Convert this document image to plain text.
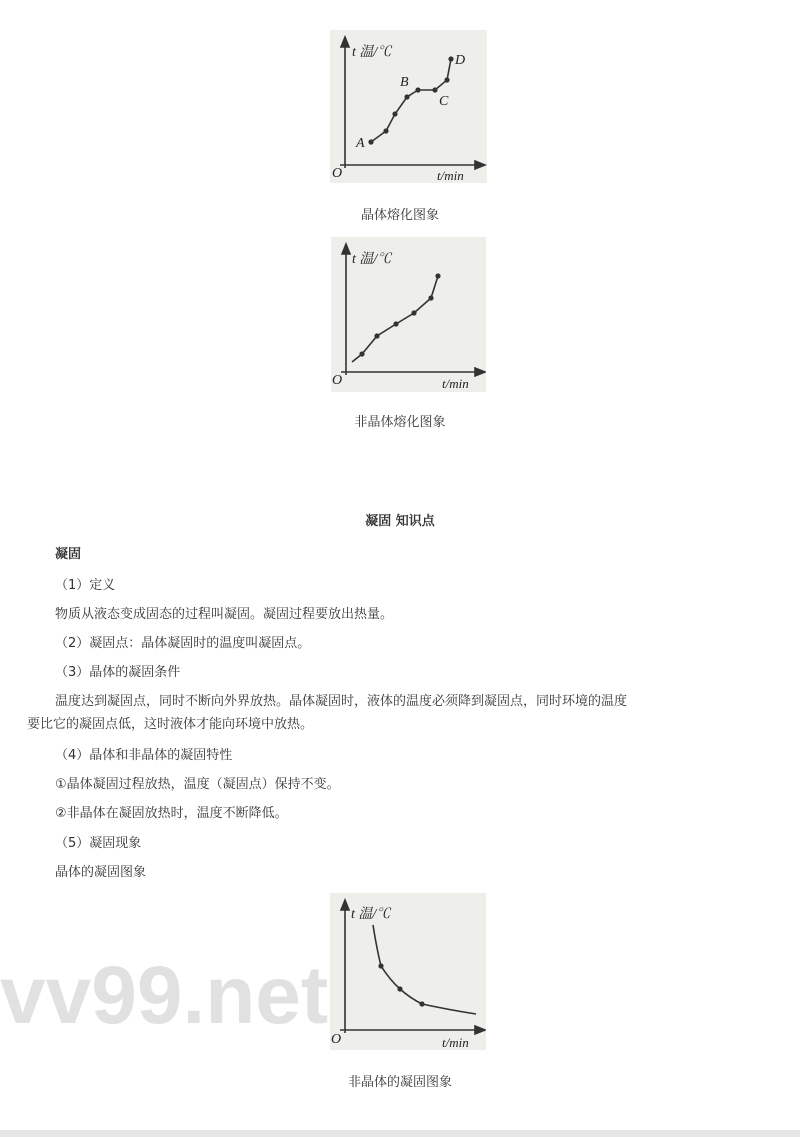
t 温/℃
t/min
O
A
B
C
D
晶体熔化图象
t 温/℃
t/min
O
非晶体熔化图象
凝固 知识点
凝固
（1）定义
物质从液态变成固态的过程叫凝固。凝固过程要放出热量。
（2）凝固点：晶体凝固时的温度叫凝固点。
（3）晶体的凝固条件
温度达到凝固点，同时不断向外界放热。晶体凝固时，液体的温度必须降到凝固点，同时环境的温度
要比它的凝固点低，这时液体才能向环境中放热。
（4）晶体和非晶体的凝固特性
①晶体凝固过程放热，温度（凝固点）保持不变。
②非晶体在凝固放热时，温度不断降低。
（5）凝固现象
晶体的凝固图象
t 温/℃
t/min
O
vv99.net
非晶体的凝固图象
